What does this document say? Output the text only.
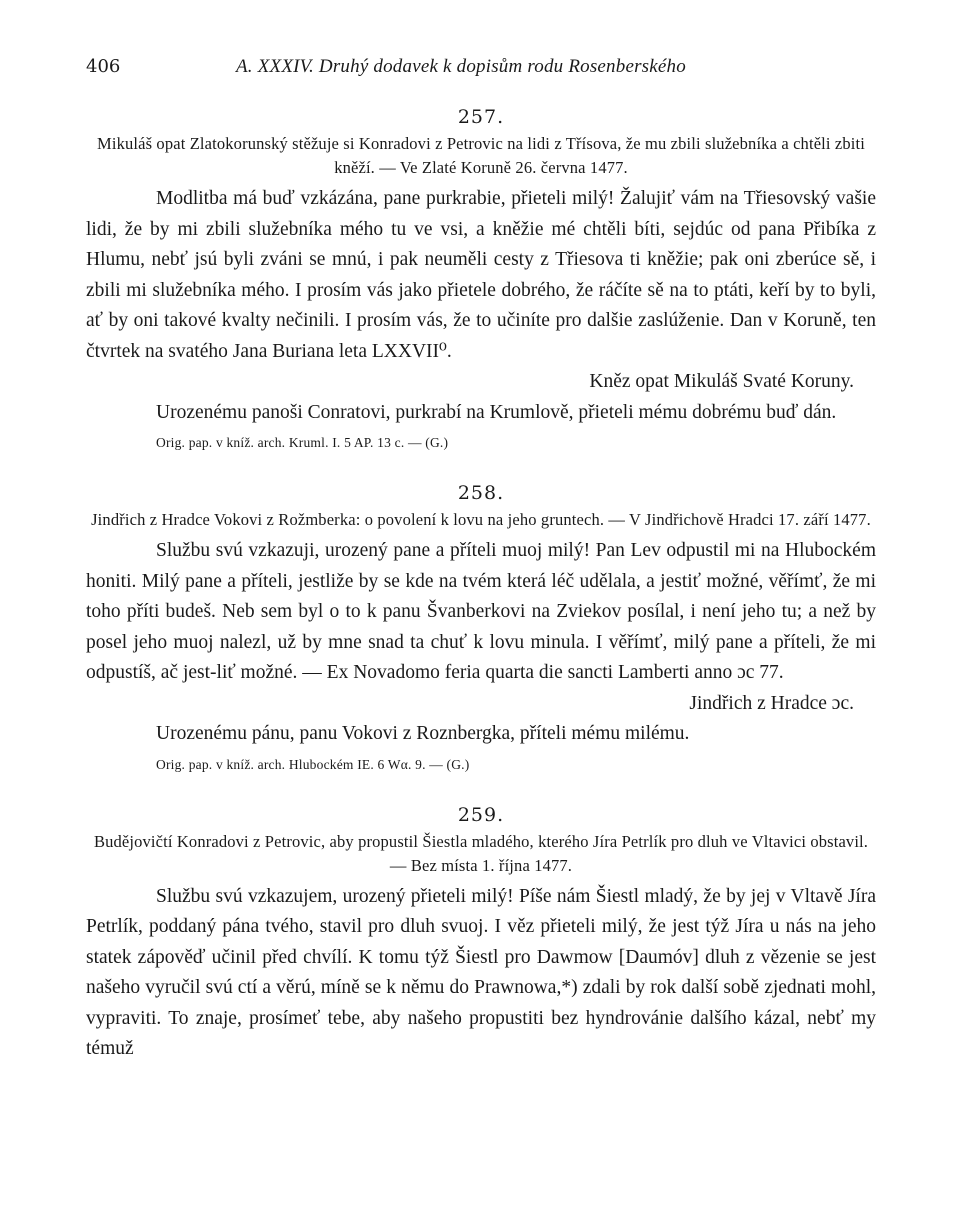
406	A. XXXIV. Druhý dodavek k dopisům rodu Rosenberského
257.

Mikuláš opat Zlatokorunský stěžuje si Konradovi z Petrovic na lidi z Třísova, že mu zbili služebníka a chtěli zbiti kněží. — Ve Zlaté Koruně 26. června 1477.

Modlitba má buď vzkázána, pane purkrabie, přieteli milý! Žalujiť vám na Třiesovský vašie lidi, že by mi zbili služebníka mého tu ve vsi, a kněžie mé chtěli bíti, sejdúc od pana Přibíka z Hlumu, nebť jsú byli zváni se mnú, i pak neuměli cesty z Třiesova ti kněžie; pak oni zberúce sě, i zbili mi služebníka mého. I prosím vás jako přietele dobrého, že ráčíte sě na to ptáti, keří by to byli, ať by oni takové kvalty nečinili. I prosím vás, že to učiníte pro dalšie zaslúženie. Dan v Koruně, ten čtvrtek na svatého Jana Buriana leta LXXVII⁰.

Kněz opat Mikuláš Svaté Koruny.

Urozenému panoši Conratovi, purkrabí na Krumlově, přieteli mému dobrému buď dán.

Orig. pap. v kníž. arch. Kruml. I. 5 AP. 13 c. — (G.)

258.

Jindřich z Hradce Vokovi z Rožmberka: o povolení k lovu na jeho gruntech. — V Jindřichově Hradci 17. září 1477.

Službu svú vzkazuji, urozený pane a příteli muoj milý! Pan Lev odpustil mi na Hlubockém honiti. Milý pane a příteli, jestliže by se kde na tvém která léč udělala, a jestiť možné, věřímť, že mi toho příti budeš. Neb sem byl o to k panu Švanberkovi na Zviekov posílal, i není jeho tu; a než by posel jeho muoj nalezl, už by mne snad ta chuť k lovu minula. I věřímť, milý pane a příteli, že mi odpustíš, ač jest-liť možné. — Ex Novadomo feria quarta die sancti Lamberti anno ɔc 77.

Jindřich z Hradce ɔc.

Urozenému pánu, panu Vokovi z Roznbergka, příteli mému milému.

Orig. pap. v kníž. arch. Hlubockém IE. 6 Wα. 9. — (G.)

259.

Budějovičtí Konradovi z Petrovic, aby propustil Šiestla mladého, kterého Jíra Petrlík pro dluh ve Vltavici obstavil. — Bez místa 1. října 1477.

Službu svú vzkazujem, urozený přieteli milý! Píše nám Šiestl mladý, že by jej v Vltavě Jíra Petrlík, poddaný pána tvého, stavil pro dluh svuoj. I věz přieteli milý, že jest týž Jíra u nás na jeho statek zápověď učinil před chvílí. K tomu týž Šiestl pro Dawmow [Daumóv] dluh z vězenie se jest našeho vyručil svú ctí a věrú, míně se k němu do Prawnowa,*) zdali by rok další sobě zjednati mohl, vypraviti. To znaje, prosímeť tebe, aby našeho propustiti bez hyndrovánie dalšího kázal, nebť my témuž
